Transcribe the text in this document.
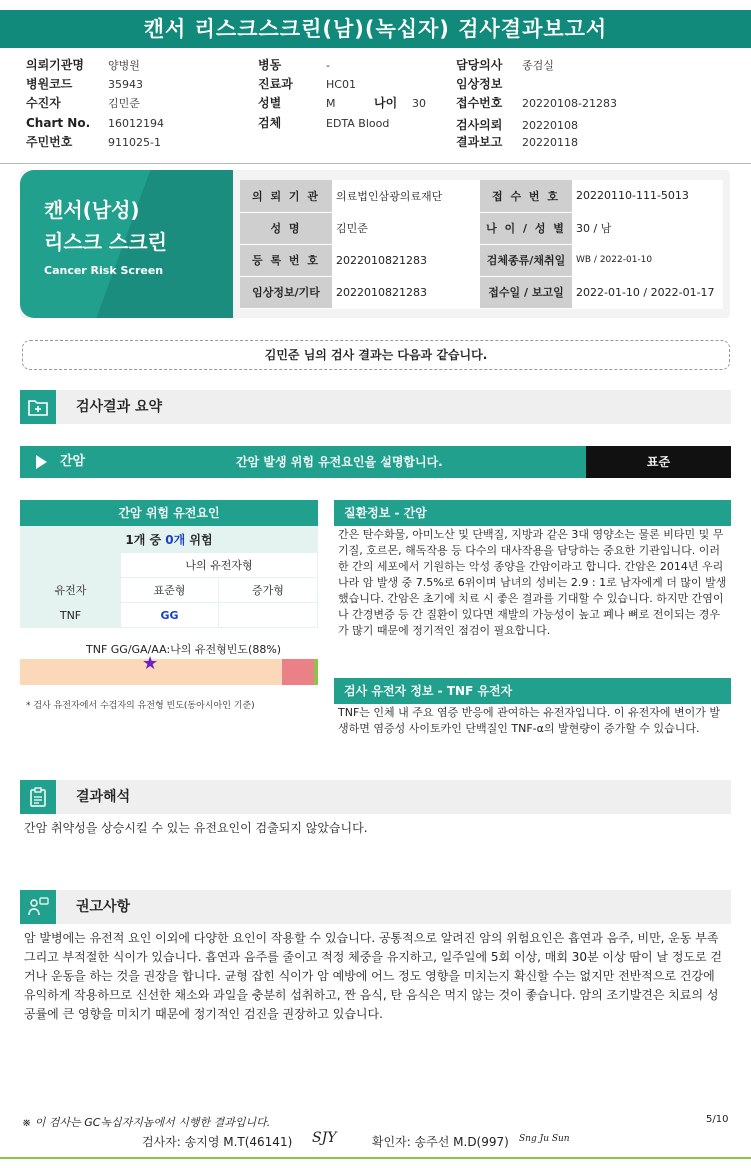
캔서 리스크스크린(남)(녹십자) 검사결과보고서
의뢰기관명 양병원
병원코드	35943
수진자	김민준
Chart No. 16012194
주민번호	911025-1
병동	-
진료과	HC01
성별	M	나이 30
검체	EDTA Blood
담당의사 종검실
임상정보
접수번호 20220108-21283
검사의뢰 20220108
결과보고 20220118
캔서(남성)
리스크 스크린
Cancer Risk Screen
의 뢰 기 관	의료법인삼광의료재단	접 수 번 호	20220110-111-5013
성 명	김민준	나 이 / 성 별	30 / 남
등 록 번 호	2022010821283	검체종류/채취일	WB / 2022-01-10
임상정보/기타	2022010821283	접수일 / 보고일	2022-01-10 / 2022-01-17
김민준 님의 검사 결과는 다음과 같습니다.
검사결과 요약
간암	간암 발생 위험 유전요인을 설명합니다.	표준
간암 위험 유전요인
1개 중 0개 위험		
	나의 유전자형	
유전자	표준형	증가형
TNF	GG	
TNF GG/GA/AA:나의 유전형빈도(88%)
★
* 검사 유전자에서 수검자의 유전형 빈도(동아시아인 기준)
질환정보 - 간암
간은 탄수화물, 아미노산 및 단백질, 지방과 같은 3대 영양소는 물론 비타민 및 무기질, 호르몬, 해독작용 등 다수의 대사작용을 담당하는 중요한 기관입니다. 이러한 간의 세포에서 기원하는 악성 종양을 간암이라고 합니다. 간암은 2014년 우리나라 암 발생 중 7.5%로 6위이며 남녀의 성비는 2.9 : 1로 남자에게 더 많이 발생했습니다. 간암은 초기에 치료 시 좋은 결과를 기대할 수 있습니다. 하지만 간염이나 간경변증 등 간 질환이 있다면 재발의 가능성이 높고 폐나 뼈로 전이되는 경우가 많기 때문에 정기적인 점검이 필요합니다.
검사 유전자 정보 - TNF 유전자
TNF는 인체 내 주요 염증 반응에 관여하는 유전자입니다. 이 유전자에 변이가 발생하면 염증성 사이토카인 단백질인 TNF-α의 발현량이 증가할 수 있습니다.
결과해석
간암 취약성을 상승시킬 수 있는 유전요인이 검출되지 않았습니다.
권고사항
암 발병에는 유전적 요인 이외에 다양한 요인이 작용할 수 있습니다. 공통적으로 알려진 암의 위험요인은 흡연과 음주, 비만, 운동 부족 그리고 부적절한 식이가 있습니다. 흡연과 음주를 줄이고 적정 체중을 유지하고, 일주일에 5회 이상, 매회 30분 이상 땀이 날 정도로 걷거나 운동을 하는 것을 권장을 합니다. 균형 잡힌 식이가 암 예방에 어느 정도 영향을 미치는지 확신할 수는 없지만 전반적으로 건강에 유익하게 작용하므로 신선한 채소와 과일을 충분히 섭취하고, 짠 음식, 탄 음식은 먹지 않는 것이 좋습니다. 암의 조기발견은 치료의 성공률에 큰 영향을 미치기 때문에 정기적인 검진을 권장하고 있습니다.
※ 이 검사는 GC녹십자지놈에서 시행한 결과입니다.	5/10
검사자: 송지영 M.T(46141)	확인자: 송주선 M.D(997)
SJY	Sng Ju Sun
